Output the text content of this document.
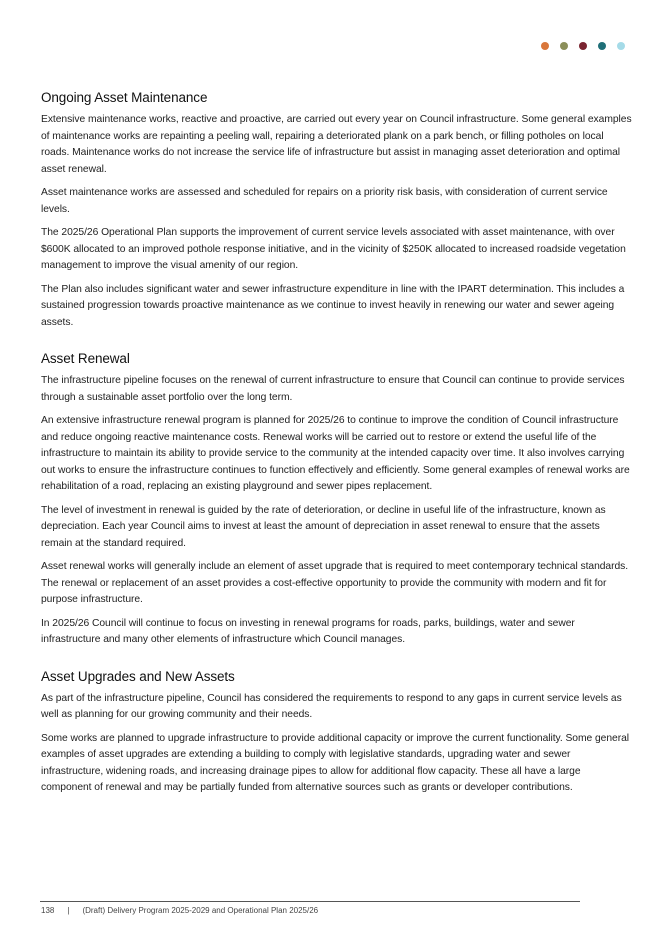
Ongoing Asset Maintenance

Extensive maintenance works, reactive and proactive, are carried out every year on Council infrastructure. Some general examples of maintenance works are repainting a peeling wall, repairing a deteriorated plank on a park bench, or filling potholes on local roads. Maintenance works do not increase the service life of infrastructure but assist in managing asset deterioration and optimal asset renewal.

Asset maintenance works are assessed and scheduled for repairs on a priority risk basis, with consideration of current service levels.

The 2025/26 Operational Plan supports the improvement of current service levels associated with asset maintenance, with over $600K allocated to an improved pothole response initiative, and in the vicinity of $250K allocated to increased roadside vegetation management to improve the visual amenity of our region.

The Plan also includes significant water and sewer infrastructure expenditure in line with the IPART determination. This includes a sustained progression towards proactive maintenance as we continue to invest heavily in renewing our water and sewer ageing assets.

Asset Renewal

The infrastructure pipeline focuses on the renewal of current infrastructure to ensure that Council can continue to provide services through a sustainable asset portfolio over the long term.

An extensive infrastructure renewal program is planned for 2025/26 to continue to improve the condition of Council infrastructure and reduce ongoing reactive maintenance costs. Renewal works will be carried out to restore or extend the useful life of the infrastructure to maintain its ability to provide service to the community at the intended capacity over time. It also involves carrying out works to ensure the infrastructure continues to function effectively and efficiently. Some general examples of renewal works are rehabilitation of a road, replacing an existing playground and sewer pipes replacement.

The level of investment in renewal is guided by the rate of deterioration, or decline in useful life of the infrastructure, known as depreciation. Each year Council aims to invest at least the amount of depreciation in asset renewal to ensure that the assets remain at the standard required.

Asset renewal works will generally include an element of asset upgrade that is required to meet contemporary technical standards. The renewal or replacement of an asset provides a cost-effective opportunity to provide the community with modern and fit for purpose infrastructure.

In 2025/26 Council will continue to focus on investing in renewal programs for roads, parks, buildings, water and sewer infrastructure and many other elements of infrastructure which Council manages.

Asset Upgrades and New Assets

As part of the infrastructure pipeline, Council has considered the requirements to respond to any gaps in current service levels as well as planning for our growing community and their needs.

Some works are planned to upgrade infrastructure to provide additional capacity or improve the current functionality. Some general examples of asset upgrades are extending a building to comply with legislative standards, upgrading water and sewer infrastructure, widening roads, and increasing drainage pipes to allow for additional flow capacity. These all have a large component of renewal and may be partially funded from alternative sources such as grants or developer contributions.

138 | (Draft) Delivery Program 2025-2029 and Operational Plan 2025/26
